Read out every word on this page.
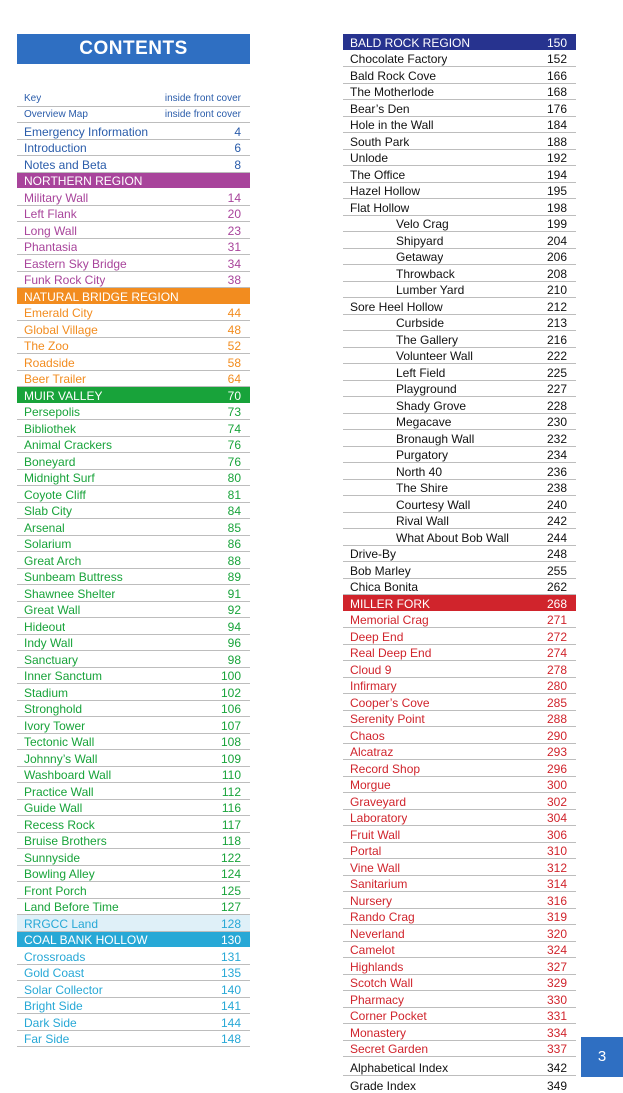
CONTENTS
Key	inside front cover
Overview Map	inside front cover
Emergency Information	4
Introduction	6
Notes and Beta	8
NORTHERN REGION
Military Wall	14
Left Flank	20
Long Wall	23
Phantasia	31
Eastern Sky Bridge	34
Funk Rock City	38
NATURAL BRIDGE REGION
Emerald City	44
Global Village	48
The Zoo	52
Roadside	58
Beer Trailer	64
MUIR VALLEY	70
Persepolis	73
Bibliothek	74
Animal Crackers	76
Boneyard	76
Midnight Surf	80
Coyote Cliff	81
Slab City	84
Arsenal	85
Solarium	86
Great Arch	88
Sunbeam Buttress	89
Shawnee Shelter	91
Great Wall	92
Hideout	94
Indy Wall	96
Sanctuary	98
Inner Sanctum	100
Stadium	102
Stronghold	106
Ivory Tower	107
Tectonic Wall	108
Johnny’s Wall	109
Washboard Wall	110
Practice Wall	112
Guide Wall	116
Recess Rock	117
Bruise Brothers	118
Sunnyside	122
Bowling Alley	124
Front Porch	125
Land Before Time	127
RRGCC Land	128
COAL BANK HOLLOW	130
Crossroads	131
Gold Coast	135
Solar Collector	140
Bright Side	141
Dark Side	144
Far Side	148
BALD ROCK REGION	150
Chocolate Factory	152
Bald Rock Cove	166
The Motherlode	168
Bear’s Den	176
Hole in the Wall	184
South Park	188
Unlode	192
The Office	194
Hazel Hollow	195
Flat Hollow	198
Velo Crag	199
Shipyard	204
Getaway	206
Throwback	208
Lumber Yard	210
Sore Heel Hollow	212
Curbside	213
The Gallery	216
Volunteer Wall	222
Left Field	225
Playground	227
Shady Grove	228
Megacave	230
Bronaugh Wall	232
Purgatory	234
North 40	236
The Shire	238
Courtesy Wall	240
Rival Wall	242
What About Bob Wall	244
Drive-By	248
Bob Marley	255
Chica Bonita	262
MILLER FORK	268
Memorial Crag	271
Deep End	272
Real Deep End	274
Cloud 9	278
Infirmary	280
Cooper’s Cove	285
Serenity Point	288
Chaos	290
Alcatraz	293
Record Shop	296
Morgue	300
Graveyard	302
Laboratory	304
Fruit Wall	306
Portal	310
Vine Wall	312
Sanitarium	314
Nursery	316
Rando Crag	319
Neverland	320
Camelot	324
Highlands	327
Scotch Wall	329
Pharmacy	330
Corner Pocket	331
Monastery	334
Secret Garden	337
Alphabetical Index	342
Grade Index	349
3
